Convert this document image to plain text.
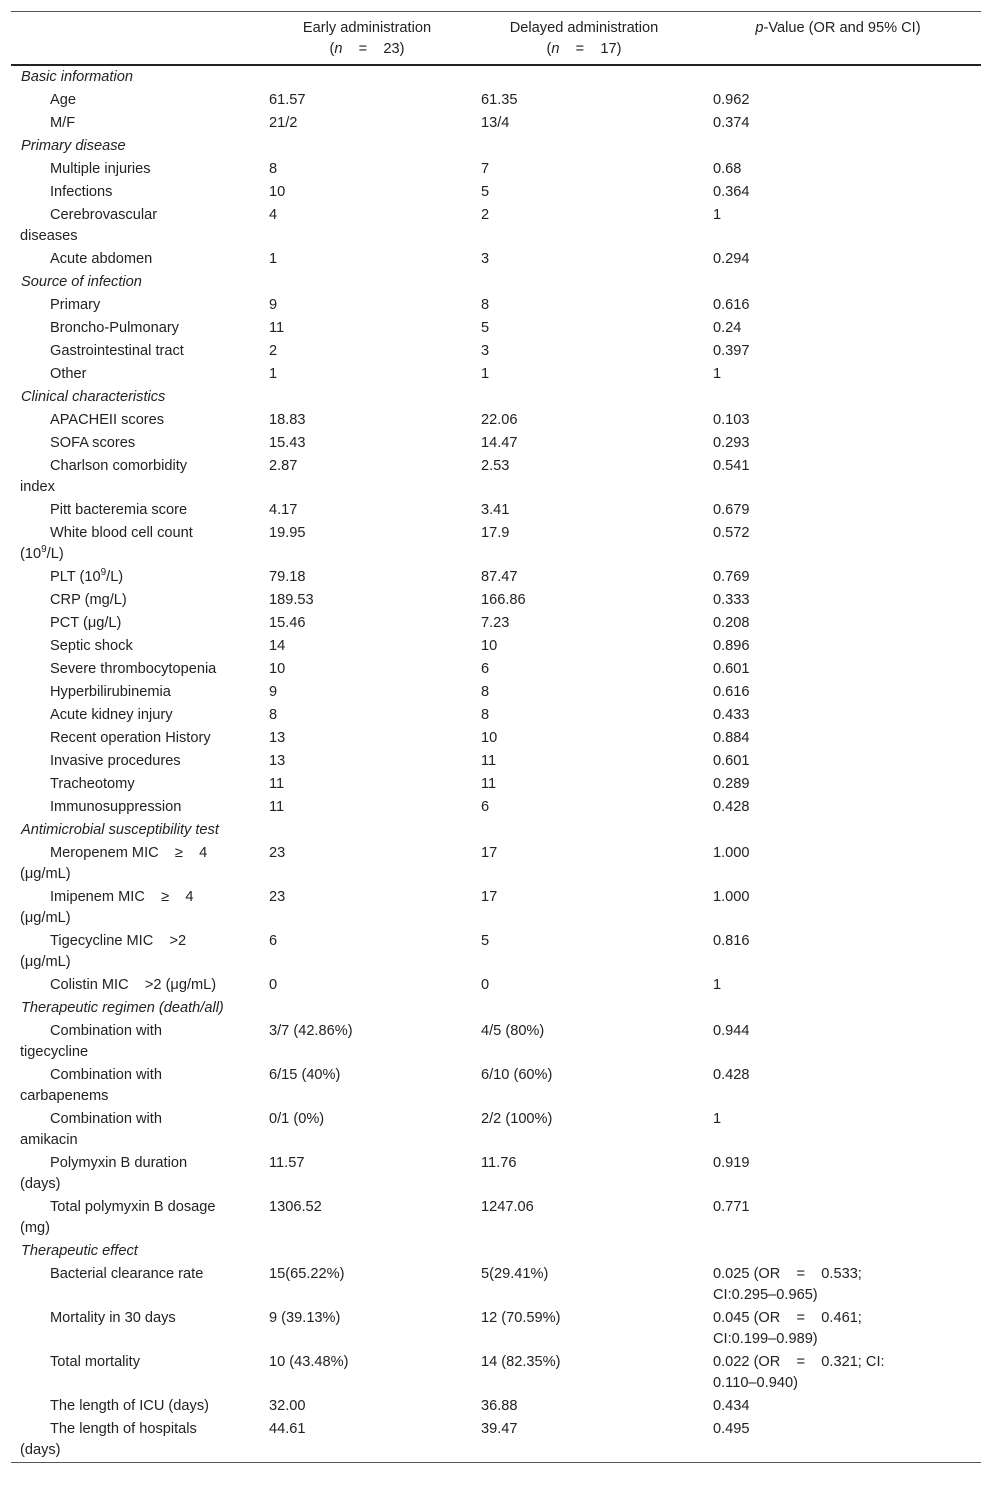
Early administration
(n    =    23)
Delayed administration
(n    =    17)
p-Value (OR and 95% CI)
Basic information
Age	61.57	61.35	0.962
M/F	21/2	13/4	0.374
Primary disease
Multiple injuries	8	7	0.68
Infections	10	5	0.364
Cerebrovascular
diseases
4	2	1
Acute abdomen	1	3	0.294
Source of infection
Primary	9	8	0.616
Broncho-Pulmonary	11	5	0.24
Gastrointestinal tract	2	3	0.397
Other	1	1	1
Clinical characteristics
APACHEII scores	18.83	22.06	0.103
SOFA scores	15.43	14.47	0.293
Charlson comorbidity
index
2.87	2.53	0.541
Pitt bacteremia score	4.17	3.41	0.679
White blood cell count
$(10^9/L)$
19.95	17.9	0.572
PLT $(10^9/L)$	79.18	87.47	0.769
CRP (mg/L)	189.53	166.86	0.333
PCT (μg/L)	15.46	7.23	0.208
Septic shock	14	10	0.896
Severe thrombocytopenia	10	6	0.601
Hyperbilirubinemia	9	8	0.616
Acute kidney injury	8	8	0.433
Recent operation History	13	10	0.884
Invasive procedures	13	11	0.601
Tracheotomy	11	11	0.289
Immunosuppression	11	6	0.428
Antimicrobial susceptibility test
Meropenem MIC    ≥    4
(μg/mL)
23	17	1.000
Imipenem MIC    ≥    4
(μg/mL)
23	17	1.000
Tigecycline MIC    >2
(μg/mL)
6	5	0.816
Colistin MIC    >2 (μg/mL)	0	0	1
Therapeutic regimen (death/all)
Combination with
tigecycline
3/7 (42.86%)	4/5 (80%)	0.944
Combination with
carbapenems
6/15 (40%)	6/10 (60%)	0.428
Combination with
amikacin
0/1 (0%)	2/2 (100%)	1
Polymyxin B duration
(days)
11.57	11.76	0.919
Total polymyxin B dosage
(mg)
1306.52	1247.06	0.771
Therapeutic effect
Bacterial clearance rate	15(65.22%)	5(29.41%)	0.025 (OR    =    0.533;
CI:0.295–0.965)
Mortality in 30 days	9 (39.13%)	12 (70.59%)	0.045 (OR    =    0.461;
CI:0.199–0.989)
Total mortality	10 (43.48%)	14 (82.35%)	0.022 (OR    =    0.321; CI:
0.110–0.940)
The length of ICU (days)	32.00	36.88	0.434
The length of hospitals
(days)
44.61	39.47	0.495
